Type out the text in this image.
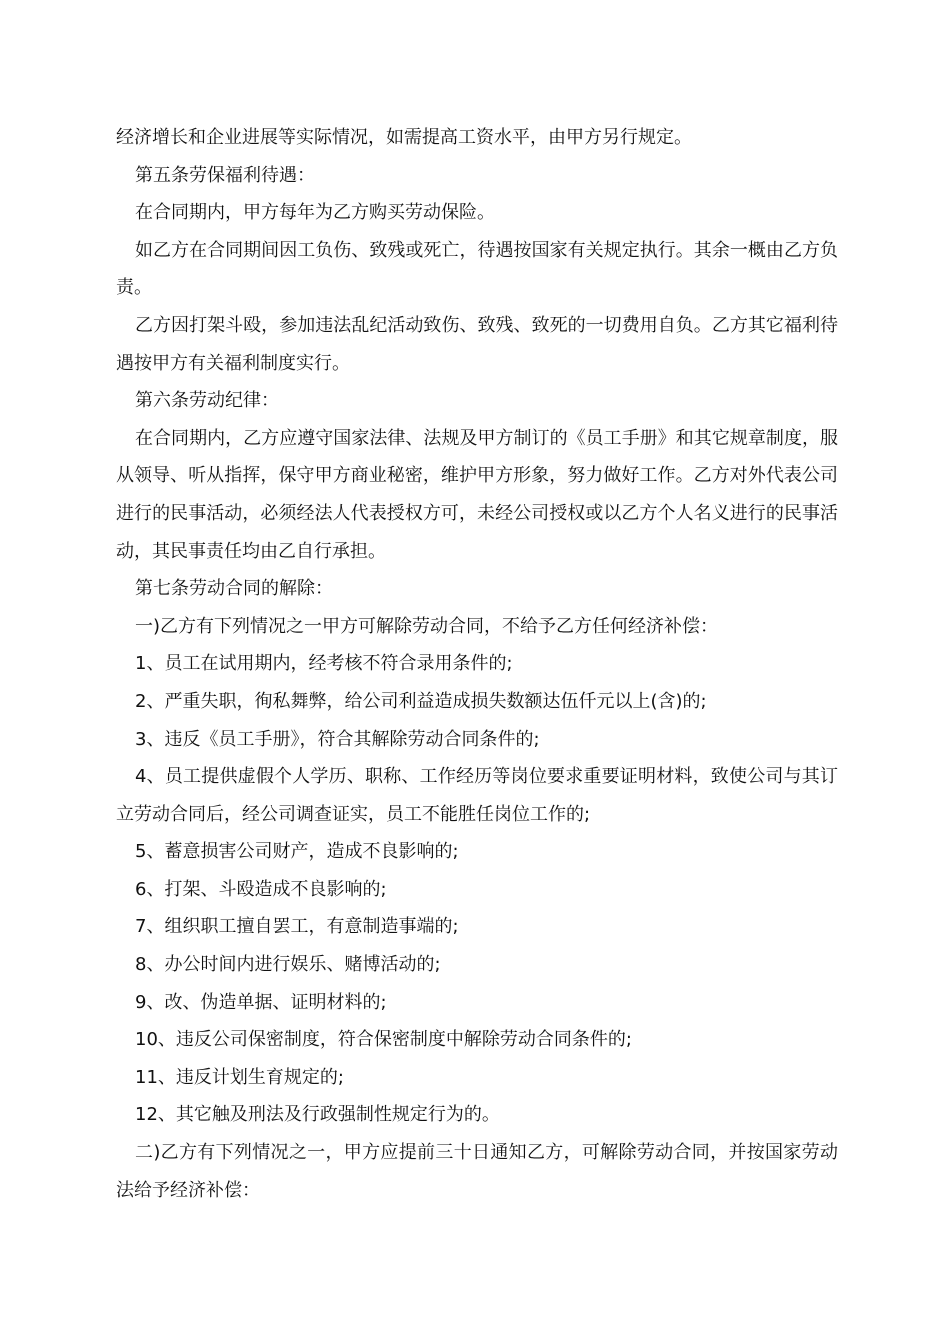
经济增长和企业进展等实际情况，如需提高工资水平，由甲方另行规定。

第五条劳保福利待遇：

在合同期内，甲方每年为乙方购买劳动保险。

如乙方在合同期间因工负伤、致残或死亡，待遇按国家有关规定执行。其余一概由乙方负责。

乙方因打架斗殴，参加违法乱纪活动致伤、致残、致死的一切费用自负。乙方其它福利待遇按甲方有关福利制度实行。

第六条劳动纪律：

在合同期内，乙方应遵守国家法律、法规及甲方制订的《员工手册》和其它规章制度，服从领导、听从指挥，保守甲方商业秘密，维护甲方形象，努力做好工作。乙方对外代表公司进行的民事活动，必须经法人代表授权方可，未经公司授权或以乙方个人名义进行的民事活动，其民事责任均由乙自行承担。

第七条劳动合同的解除：

一)乙方有下列情况之一甲方可解除劳动合同，不给予乙方任何经济补偿：

1、员工在试用期内，经考核不符合录用条件的;

2、严重失职，徇私舞弊，给公司利益造成损失数额达伍仟元以上(含)的;

3、违反《员工手册》，符合其解除劳动合同条件的;

4、员工提供虚假个人学历、职称、工作经历等岗位要求重要证明材料，致使公司与其订立劳动合同后，经公司调查证实，员工不能胜任岗位工作的;

5、蓄意损害公司财产，造成不良影响的;

6、打架、斗殴造成不良影响的;

7、组织职工擅自罢工，有意制造事端的;

8、办公时间内进行娱乐、赌博活动的;

9、改、伪造单据、证明材料的;

10、违反公司保密制度，符合保密制度中解除劳动合同条件的;

11、违反计划生育规定的;

12、其它触及刑法及行政强制性规定行为的。

二)乙方有下列情况之一，甲方应提前三十日通知乙方，可解除劳动合同，并按国家劳动法给予经济补偿：
